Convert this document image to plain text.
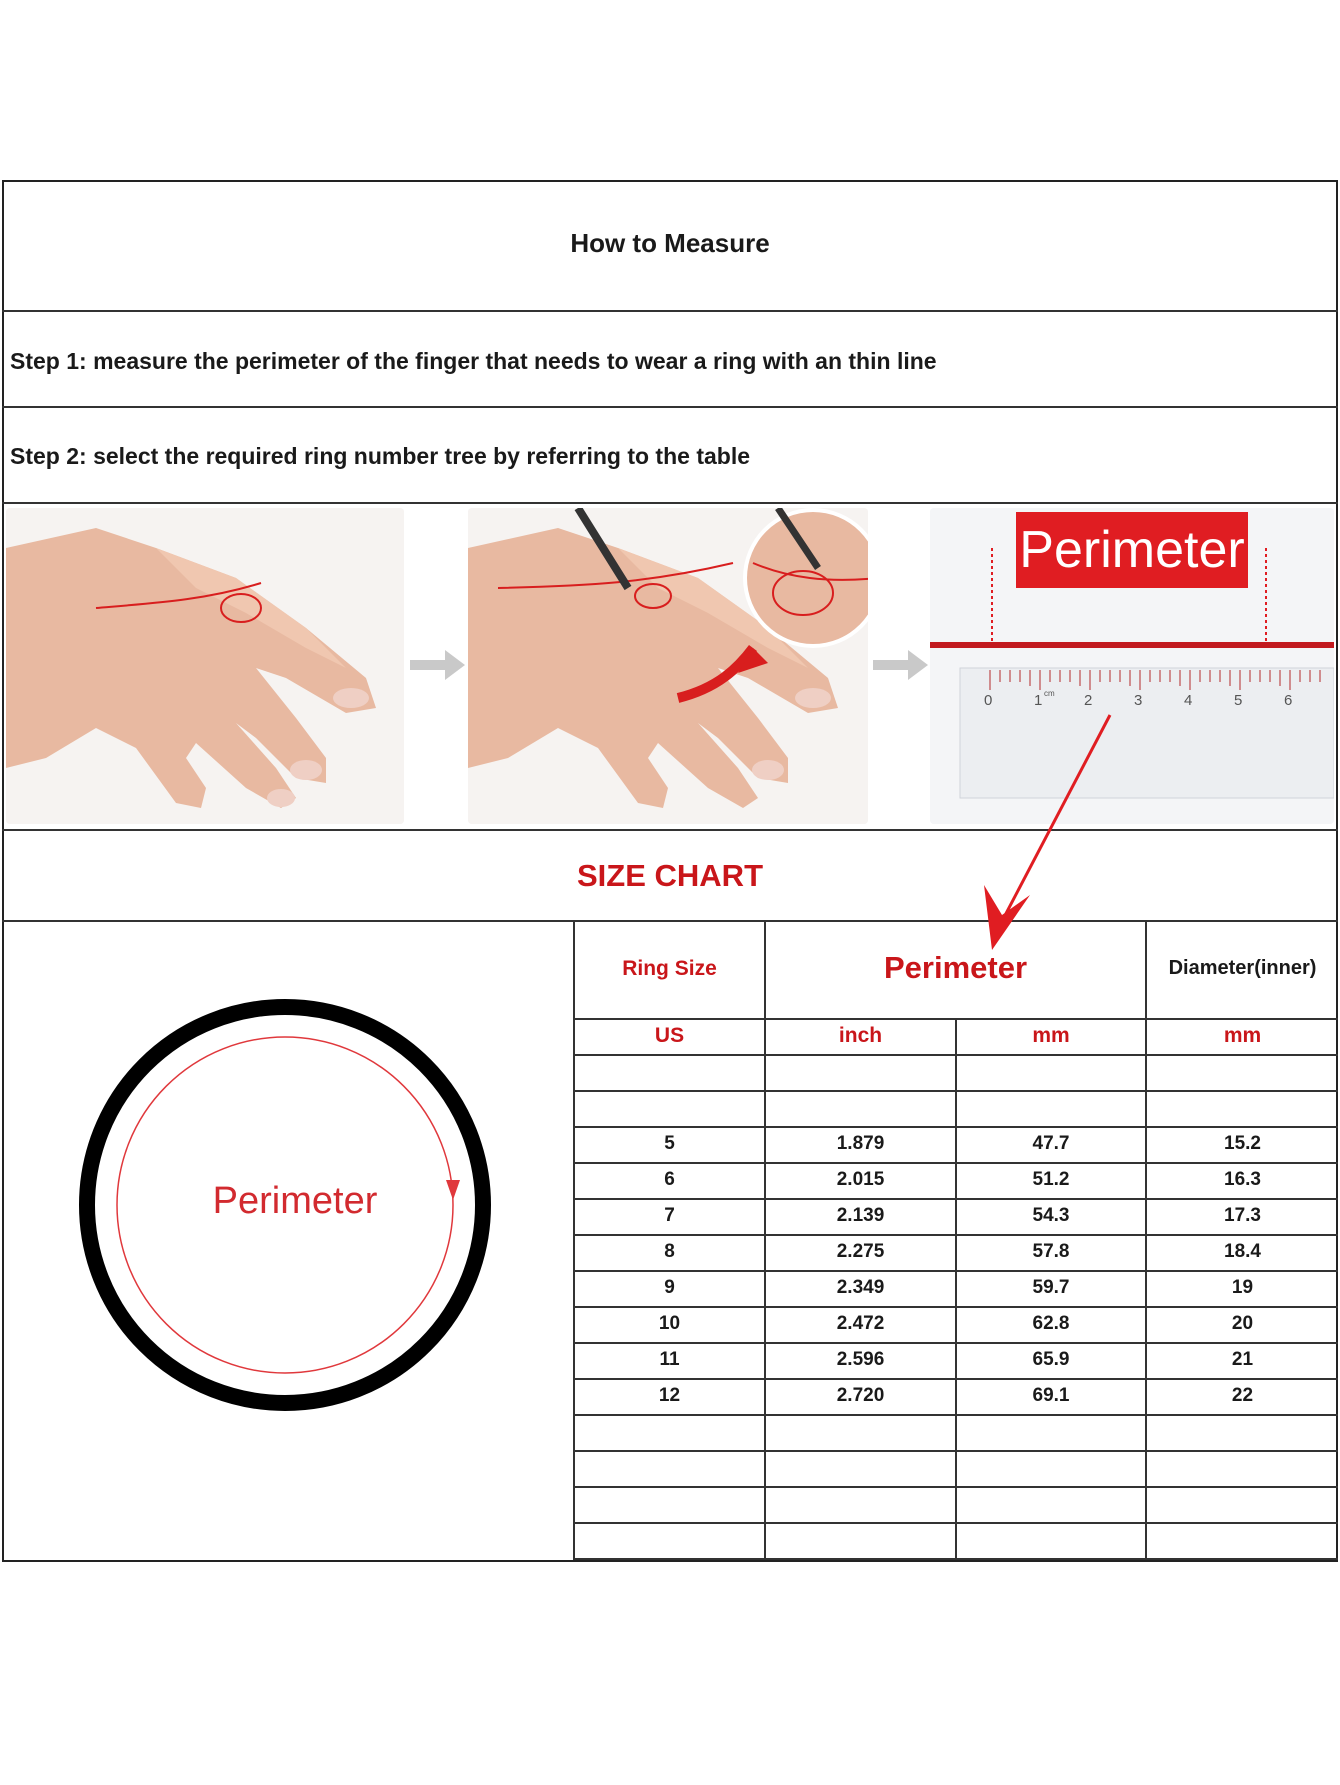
How to Measure
Step 1: measure the perimeter of the finger that needs to wear a ring with an thin line
Step 2: select the required ring number tree by referring to the table
Perimeter
0	1 cm 2	3	4	5	6
SIZE CHART
Perimeter
Ring Size	Perimeter	Diameter(inner)
US	inch	mm	mm
5	1.879	47.7	15.2
6	2.015	51.2	16.3
7	2.139	54.3	17.3
8	2.275	57.8	18.4
9	2.349	59.7	19
10	2.472	62.8	20
11	2.596	65.9	21
12	2.720	69.1	22
